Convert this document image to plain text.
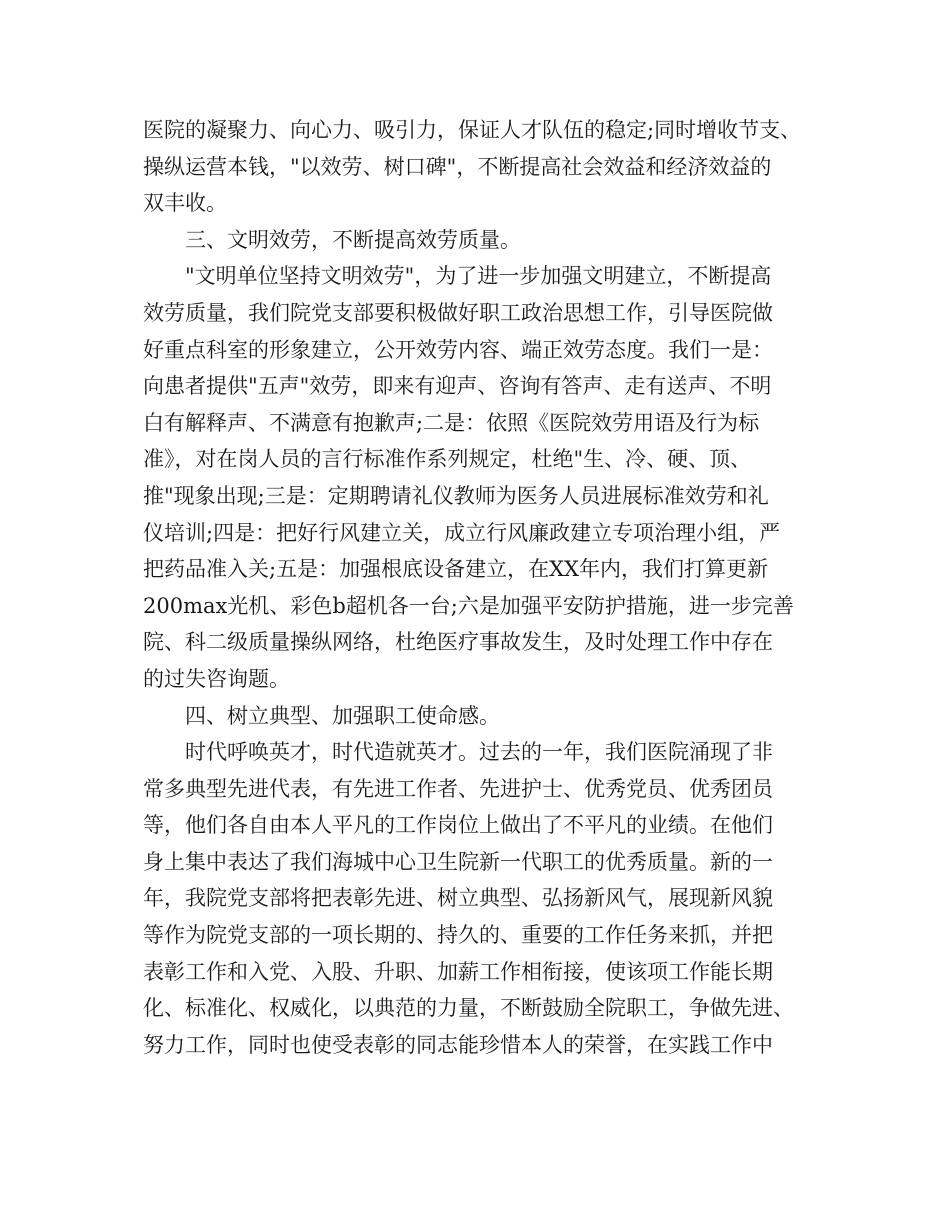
医院的凝聚力、向心力、吸引力，保证人才队伍的稳定;同时增收节支、
操纵运营本钱，"以效劳、树口碑"，不断提高社会效益和经济效益的
双丰收。
三、文明效劳，不断提高效劳质量。
"文明单位坚持文明效劳"，为了进一步加强文明建立，不断提高
效劳质量，我们院党支部要积极做好职工政治思想工作，引导医院做
好重点科室的形象建立，公开效劳内容、端正效劳态度。我们一是：
向患者提供"五声"效劳，即来有迎声、咨询有答声、走有送声、不明
白有解释声、不满意有抱歉声;二是：依照《医院效劳用语及行为标
准》，对在岗人员的言行标准作系列规定，杜绝"生、冷、硬、顶、
推"现象出现;三是：定期聘请礼仪教师为医务人员进展标准效劳和礼
仪培训;四是：把好行风建立关，成立行风廉政建立专项治理小组，严
把药品准入关;五是：加强根底设备建立，在XX年内，我们打算更新
200max光机、彩色b超机各一台;六是加强平安防护措施，进一步完善
院、科二级质量操纵网络，杜绝医疗事故发生，及时处理工作中存在
的过失咨询题。
四、树立典型、加强职工使命感。
时代呼唤英才，时代造就英才。过去的一年，我们医院涌现了非
常多典型先进代表，有先进工作者、先进护士、优秀党员、优秀团员
等，他们各自由本人平凡的工作岗位上做出了不平凡的业绩。在他们
身上集中表达了我们海城中心卫生院新一代职工的优秀质量。新的一
年，我院党支部将把表彰先进、树立典型、弘扬新风气，展现新风貌
等作为院党支部的一项长期的、持久的、重要的工作任务来抓，并把
表彰工作和入党、入股、升职、加薪工作相衔接，使该项工作能长期
化、标准化、权威化，以典范的力量，不断鼓励全院职工，争做先进、
努力工作，同时也使受表彰的同志能珍惜本人的荣誉，在实践工作中
